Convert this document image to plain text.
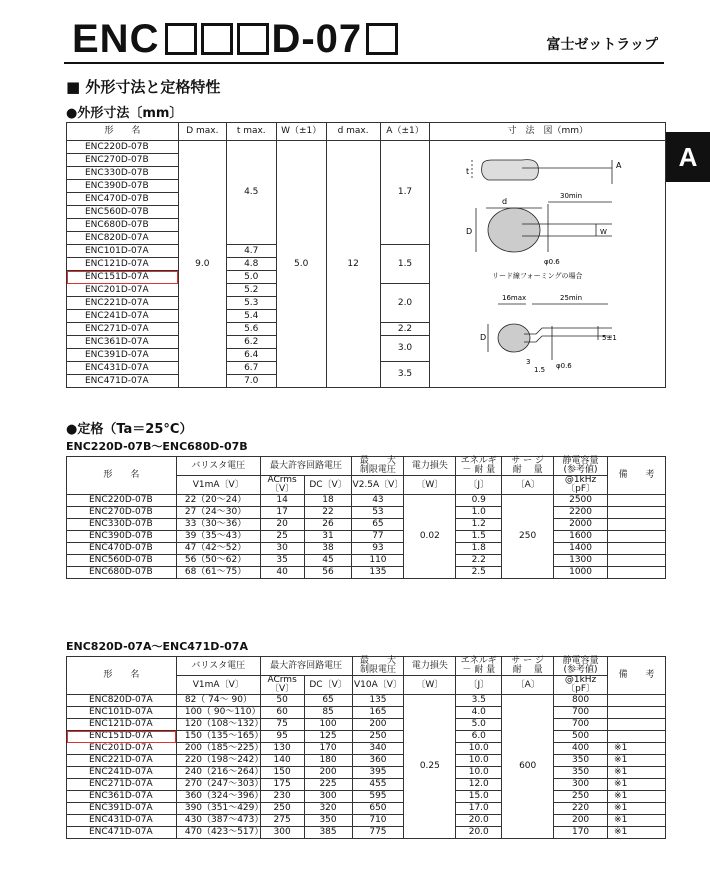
ENC	D-07	富士ゼットラップ
■ 外形寸法と定格特性
●外形寸法〔mm〕
A
形　　名	D max.	t max.	W（±1）	d max.	A（±1）	寸　法　図（mm）
ENC220D-07B	9.0	4.5	5.0	12	1.7	
ENC270D-07B						
ENC330D-07B						
ENC390D-07B						
ENC470D-07B						
ENC560D-07B						
ENC680D-07B						
ENC820D-07A						
ENC101D-07A		4.7			1.5	
ENC121D-07A		4.8				
ENC151D-07A		5.0				
ENC201D-07A		5.2			2.0	
ENC221D-07A		5.3				
ENC241D-07A		5.4				
ENC271D-07A		5.6			2.2	
ENC361D-07A		6.2			3.0	
ENC391D-07A		6.4				
ENC431D-07A		6.7			3.5	
ENC471D-07A		7.0				
t
A
d
30min
D	W
φ0.6
リード線フォーミングの場合
16max	25min
D
3
1.5 φ0.6
5±1
●定格（Ta＝25°C）
ENC220D-07B～ENC680D-07B
形　　名	バリスタ電圧	最大許容回路電圧		最　　大
制限電圧	電力損失	エネルギ
－ 耐 量	サ ー ジ
耐　 量	静電容量
(参考値)	備　　考
	V1mA〔V〕	ACrms〔V〕	DC〔V〕	V2.5A〔V〕	〔W〕	〔J〕	〔A〕	@1kHz〔pF〕	
ENC220D-07B	22（20～24）	14	18	43	0.02	0.9	250	2500	
ENC270D-07B	27（24～30）	17	22	53		1.0		2200	
ENC330D-07B	33（30～36）	20	26	65		1.2		2000	
ENC390D-07B	39（35～43）	25	31	77		1.5		1600	
ENC470D-07B	47（42～52）	30	38	93		1.8		1400	
ENC560D-07B	56（50～62）	35	45	110		2.2		1300	
ENC680D-07B	68（61～75）	40	56	135		2.5		1000	
ENC820D-07A～ENC471D-07A
形　　名	バリスタ電圧	最大許容回路電圧		最　　大
制限電圧	電力損失	エネルギ
－ 耐 量	サ ー ジ
耐　 量	静電容量
(参考値)	備　　考
	V1mA〔V〕	ACrms〔V〕	DC〔V〕	V10A〔V〕	〔W〕	〔J〕	〔A〕	@1kHz〔pF〕	
ENC820D-07A	82（ 74～ 90）	50	65	135	0.25	3.5	600	800	
ENC101D-07A	100（ 90～110）	60	85	165		4.0		700	
ENC121D-07A	120（108～132）	75	100	200		5.0		700	
ENC151D-07A	150（135～165）	95	125	250		6.0		500	
ENC201D-07A	200（185～225）	130	170	340		10.0		400	※1
ENC221D-07A	220（198～242）	140	180	360		10.0		350	※1
ENC241D-07A	240（216～264）	150	200	395		10.0		350	※1
ENC271D-07A	270（247～303）	175	225	455		12.0		300	※1
ENC361D-07A	360（324～396）	230	300	595		15.0		250	※1
ENC391D-07A	390（351～429）	250	320	650		17.0		220	※1
ENC431D-07A	430（387～473）	275	350	710		20.0		200	※1
ENC471D-07A	470（423～517）	300	385	775		20.0		170	※1
